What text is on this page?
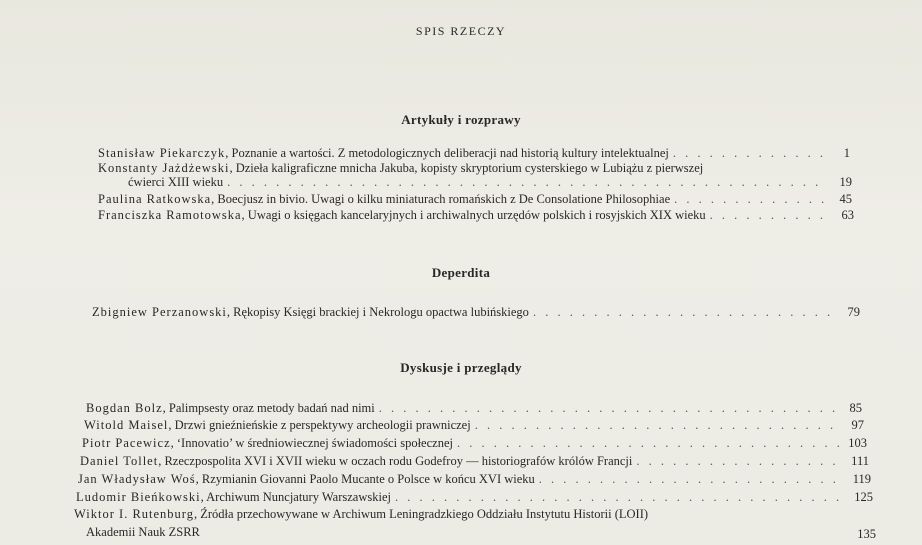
SPIS RZECZY
Artykuły i rozprawy
Stanisław Piekarczyk , Poznanie a wartości. Z metodologicznych deliberacji nad historią kultury intelektualnej . . .	1
Konstanty Jażdżewski , Dzieła kaligraficzne mnicha Jakuba, kopisty skryptorium cysterskiego w Lubiążu z pierwszej
ćwierci XIII wieku . . .	19
Paulina Ratkowska , Boecjusz in bivio. Uwagi o kilku miniaturach romańskich z De Consolatione Philosophiae . . .	45
Franciszka Ramotowska , Uwagi o księgach kancelaryjnych i archiwalnych urzędów polskich i rosyjskich XIX wieku . . .	63
Deperdita
Zbigniew Perzanowski , Rękopisy Księgi brackiej i Nekrologu opactwa lubińskiego . . .	79
Dyskusje i przeglądy
Bogdan Bolz , Palimpsesty oraz metody badań nad nimi . . .	85
Witold Maisel , Drzwi gnieźnieńskie z perspektywy archeologii prawniczej . . .	97
Piotr Pacewicz , ‘Innovatio’ w średniowiecznej świadomości społecznej . . .	103
Daniel Tollet , Rzeczpospolita XVI i XVII wieku w oczach rodu Godefroy — historiografów królów Francji . . .	111
Jan Władysław Woś , Rzymianin Giovanni Paolo Mucante o Polsce w końcu XVI wieku . . .	119
Ludomir Bieńkowski , Archiwum Nuncjatury Warszawskiej . . .	125
Wiktor I. Rutenburg , Źródła przechowywane w Archiwum Leningradzkiego Oddziału Instytutu Historii (LOII)
Akademii Nauk ZSRR	135
